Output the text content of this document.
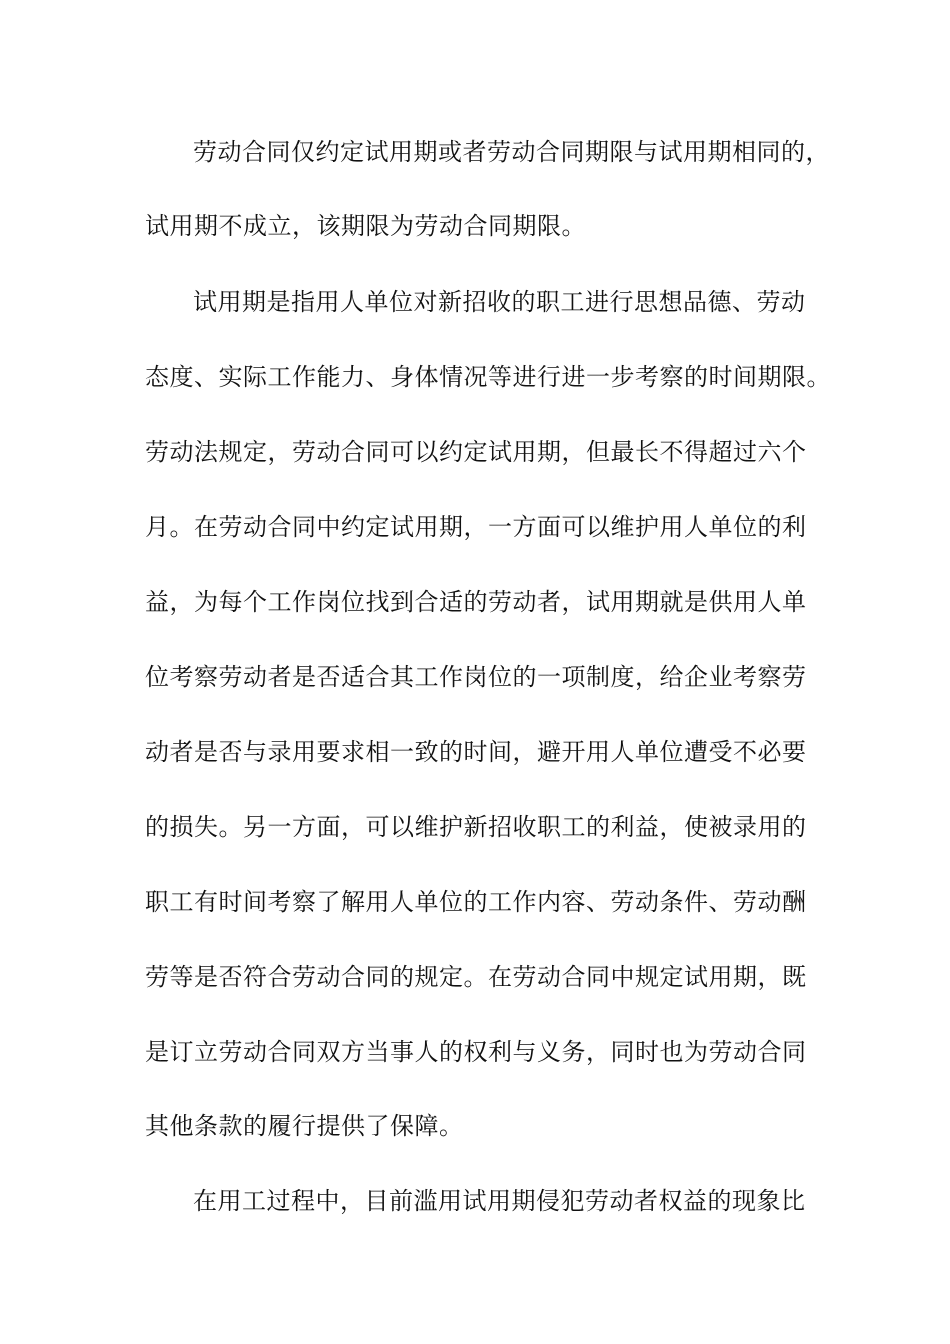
劳动合同仅约定试用期或者劳动合同期限与试用期相同的，
试用期不成立，该期限为劳动合同期限。
试用期是指用人单位对新招收的职工进行思想品德、劳动
态度、实际工作能力、身体情况等进行进一步考察的时间期限。
劳动法规定，劳动合同可以约定试用期，但最长不得超过六个
月。在劳动合同中约定试用期，一方面可以维护用人单位的利
益，为每个工作岗位找到合适的劳动者，试用期就是供用人单
位考察劳动者是否适合其工作岗位的一项制度，给企业考察劳
动者是否与录用要求相一致的时间，避开用人单位遭受不必要
的损失。另一方面，可以维护新招收职工的利益，使被录用的
职工有时间考察了解用人单位的工作内容、劳动条件、劳动酬
劳等是否符合劳动合同的规定。在劳动合同中规定试用期，既
是订立劳动合同双方当事人的权利与义务，同时也为劳动合同
其他条款的履行提供了保障。
在用工过程中，目前滥用试用期侵犯劳动者权益的现象比
